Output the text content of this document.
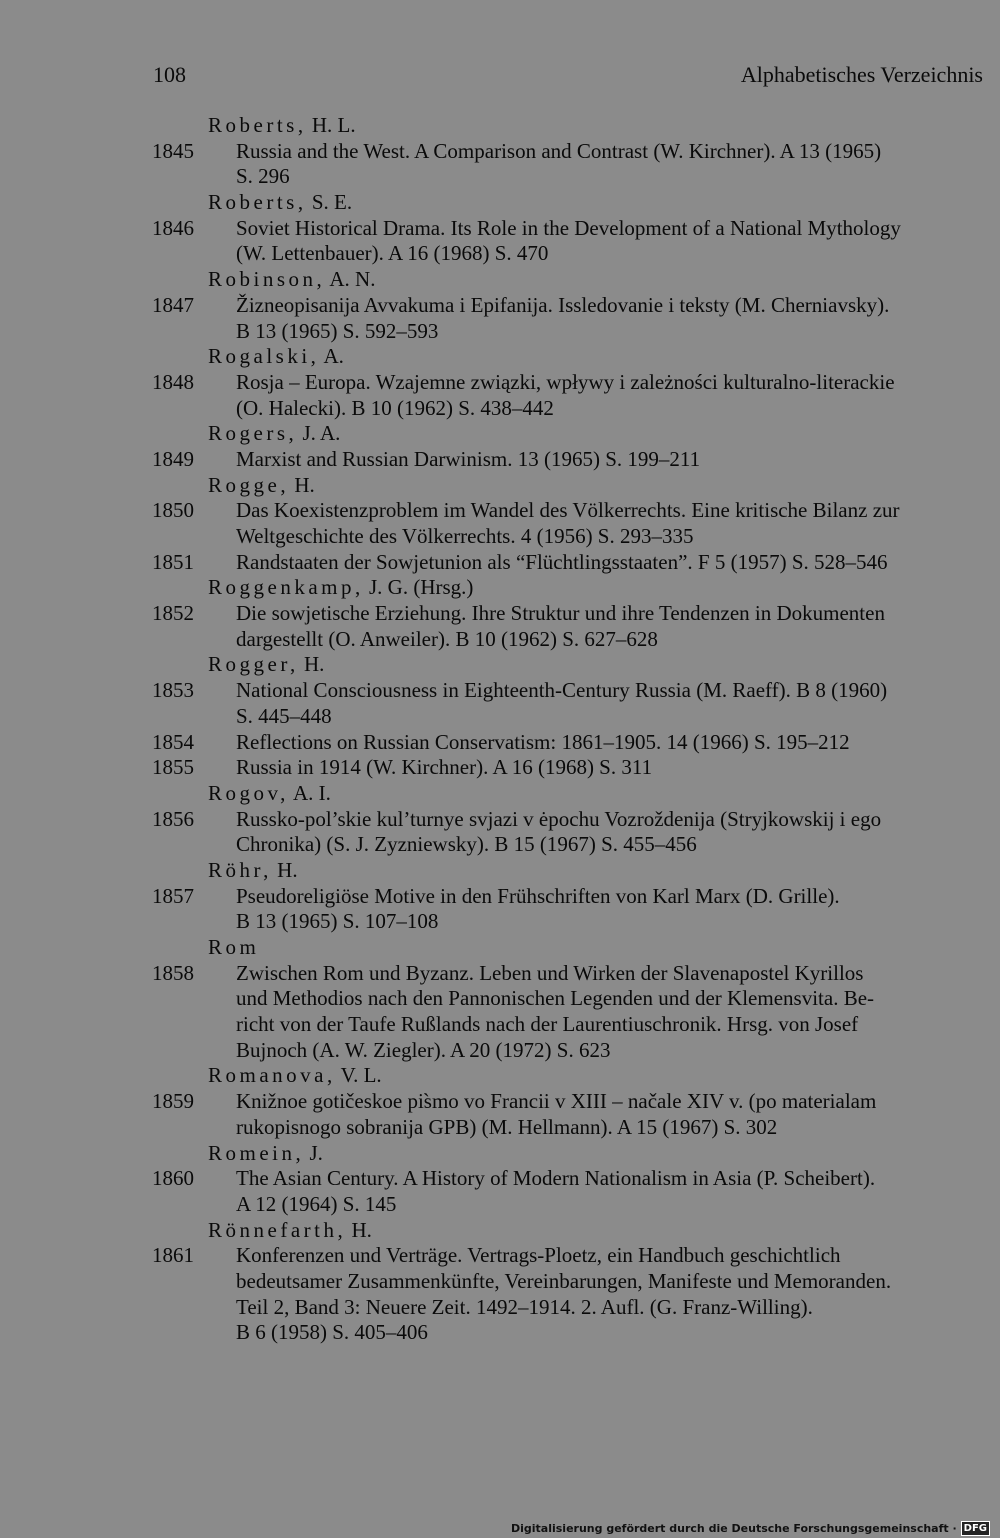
108	Alphabetisches Verzeichnis
Roberts, H. L.
1845 Russia and the West. A Comparison and Contrast (W. Kirchner). A 13 (1965)
S. 296
Roberts, S. E.
1846 Soviet Historical Drama. Its Role in the Development of a National Mythology
(W. Lettenbauer). A 16 (1968) S. 470
Robinson, A. N.
1847 Žizneopisanija Avvakuma i Epifanija. Issledovanie i teksty (M. Cherniavsky).
B 13 (1965) S. 592–593
Rogalski, A.
1848 Rosja – Europa. Wzajemne związki, wpływy i zależności kulturalno-literackie
(O. Halecki). B 10 (1962) S. 438–442
Rogers, J. A.
1849 Marxist and Russian Darwinism. 13 (1965) S. 199–211
Rogge, H.
1850 Das Koexistenzproblem im Wandel des Völkerrechts. Eine kritische Bilanz zur
Weltgeschichte des Völkerrechts. 4 (1956) S. 293–335
1851 Randstaaten der Sowjetunion als “Flüchtlingsstaaten”. F 5 (1957) S. 528–546
Roggenkamp, J. G. (Hrsg.)
1852 Die sowjetische Erziehung. Ihre Struktur und ihre Tendenzen in Dokumenten
dargestellt (O. Anweiler). B 10 (1962) S. 627–628
Rogger, H.
1853 National Consciousness in Eighteenth-Century Russia (M. Raeff). B 8 (1960)
S. 445–448
1854 Reflections on Russian Conservatism: 1861–1905. 14 (1966) S. 195–212
1855 Russia in 1914 (W. Kirchner). A 16 (1968) S. 311
Rogov, A. I.
1856 Russko-pol’skie kul’turnye svjazi v ėpochu Vozroždenija (Stryjkowskij i ego
Chronika) (S. J. Zyzniewsky). B 15 (1967) S. 455–456
Röhr, H.
1857 Pseudoreligiöse Motive in den Frühschriften von Karl Marx (D. Grille).
B 13 (1965) S. 107–108
Rom
1858 Zwischen Rom und Byzanz. Leben und Wirken der Slavenapostel Kyrillos
und Methodios nach den Pannonischen Legenden und der Klemensvita. Be-
richt von der Taufe Rußlands nach der Laurentiuschronik. Hrsg. von Josef
Bujnoch (A. W. Ziegler). A 20 (1972) S. 623
Romanova, V. L.
1859 Knižnoe gotičeskoe pis̀mo vo Francii v XIII – načale XIV v. (po materialam
rukopisnogo sobranija GPB) (M. Hellmann). A 15 (1967) S. 302
Romein, J.
1860 The Asian Century. A History of Modern Nationalism in Asia (P. Scheibert).
A 12 (1964) S. 145
Rönnefarth, H.
1861 Konferenzen und Verträge. Vertrags-Ploetz, ein Handbuch geschichtlich
bedeutsamer Zusammenkünfte, Vereinbarungen, Manifeste und Memoranden.
Teil 2, Band 3: Neuere Zeit. 1492–1914. 2. Aufl. (G. Franz-Willing).
B 6 (1958) S. 405–406
Digitalisierung gefördert durch die Deutsche Forschungsgemeinschaft · DFG
